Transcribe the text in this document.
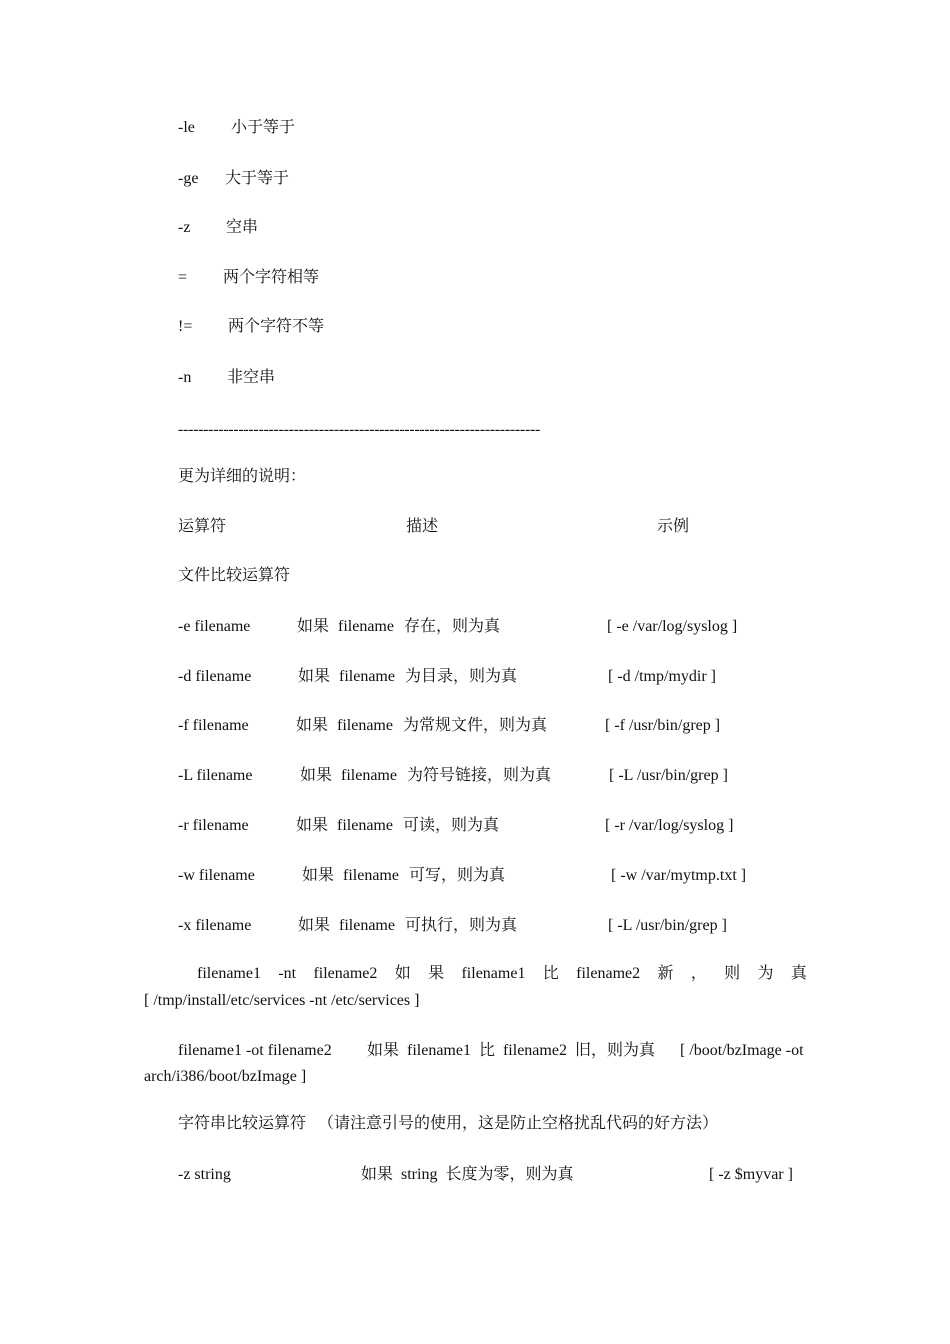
-le 小于等于
-ge 大于等于
-z 空串
= 两个字符相等
!= 两个字符不等
-n 非空串
------------------------------------------------------------------------
更为详细的说明：
运算符	描述	示例
文件比较运算符
-e filename	如果 filename 存在，则为真	[ -e /var/log/syslog ]
-d filename	如果 filename 为目录，则为真	[ -d /tmp/mydir ]
-f filename	如果 filename 为常规文件，则为真	[ -f /usr/bin/grep ]
-L filename	如果 filename 为符号链接，则为真	[ -L /usr/bin/grep ]
-r filename	如果 filename 可读，则为真	[ -r /var/log/syslog ]
-w filename	如果 filename 可写，则为真	[ -w /var/mytmp.txt ]
-x filename	如果 filename 可执行，则为真	[ -L /usr/bin/grep ]
filename1 -nt filename2 如 果 filename1 比 filename2 新 ， 则 为 真
[ /tmp/install/etc/services -nt /etc/services ]
filename1 -ot filename2 如果  filename1  比  filename2  旧，则为真 [ /boot/bzImage -ot
arch/i386/boot/bzImage ]
字符串比较运算符   （请注意引号的使用，这是防止空格扰乱代码的好方法）
-z string	如果  string  长度为零，则为真	[ -z $myvar ]
